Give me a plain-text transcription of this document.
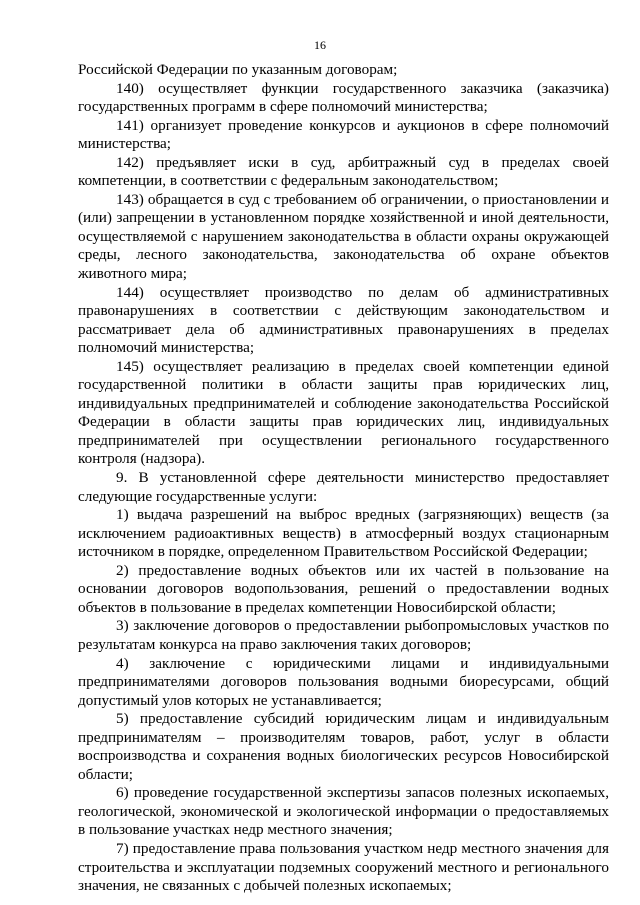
16

Российской Федерации по указанным договорам;

140) осуществляет функции государственного заказчика (заказчика) государственных программ в сфере полномочий министерства;

141) организует проведение конкурсов и аукционов в сфере полномочий министерства;

142) предъявляет иски в суд, арбитражный суд в пределах своей компетенции, в соответствии с федеральным законодательством;

143) обращается в суд с требованием об ограничении, о приостановлении и (или) запрещении в установленном порядке хозяйственной и иной деятельности, осуществляемой с нарушением законодательства в области охраны окружающей среды, лесного законодательства, законодательства об охране объектов животного мира;

144) осуществляет производство по делам об административных правонарушениях в соответствии с действующим законодательством и рассматривает дела об административных правонарушениях в пределах полномочий министерства;

145) осуществляет реализацию в пределах своей компетенции единой государственной политики в области защиты прав юридических лиц, индивидуальных предпринимателей и соблюдение законодательства Российской Федерации в области защиты прав юридических лиц, индивидуальных предпринимателей при осуществлении регионального государственного контроля (надзора).

9. В установленной сфере деятельности министерство предоставляет следующие государственные услуги:

1) выдача разрешений на выброс вредных (загрязняющих) веществ (за исключением радиоактивных веществ) в атмосферный воздух стационарным источником в порядке, определенном Правительством Российской Федерации;

2) предоставление водных объектов или их частей в пользование на основании договоров водопользования, решений о предоставлении водных объектов в пользование в пределах компетенции Новосибирской области;

3) заключение договоров о предоставлении рыбопромысловых участков по результатам конкурса на право заключения таких договоров;

4) заключение с юридическими лицами и индивидуальными предпринимателями договоров пользования водными биоресурсами, общий допустимый улов которых не устанавливается;

5) предоставление субсидий юридическим лицам и индивидуальным предпринимателям – производителям товаров, работ, услуг в области воспроизводства и сохранения водных биологических ресурсов Новосибирской области;

6) проведение государственной экспертизы запасов полезных ископаемых, геологической, экономической и экологической информации о предоставляемых в пользование участках недр местного значения;

7) предоставление права пользования участком недр местного значения для строительства и эксплуатации подземных сооружений местного и регионального значения, не связанных с добычей полезных ископаемых;
